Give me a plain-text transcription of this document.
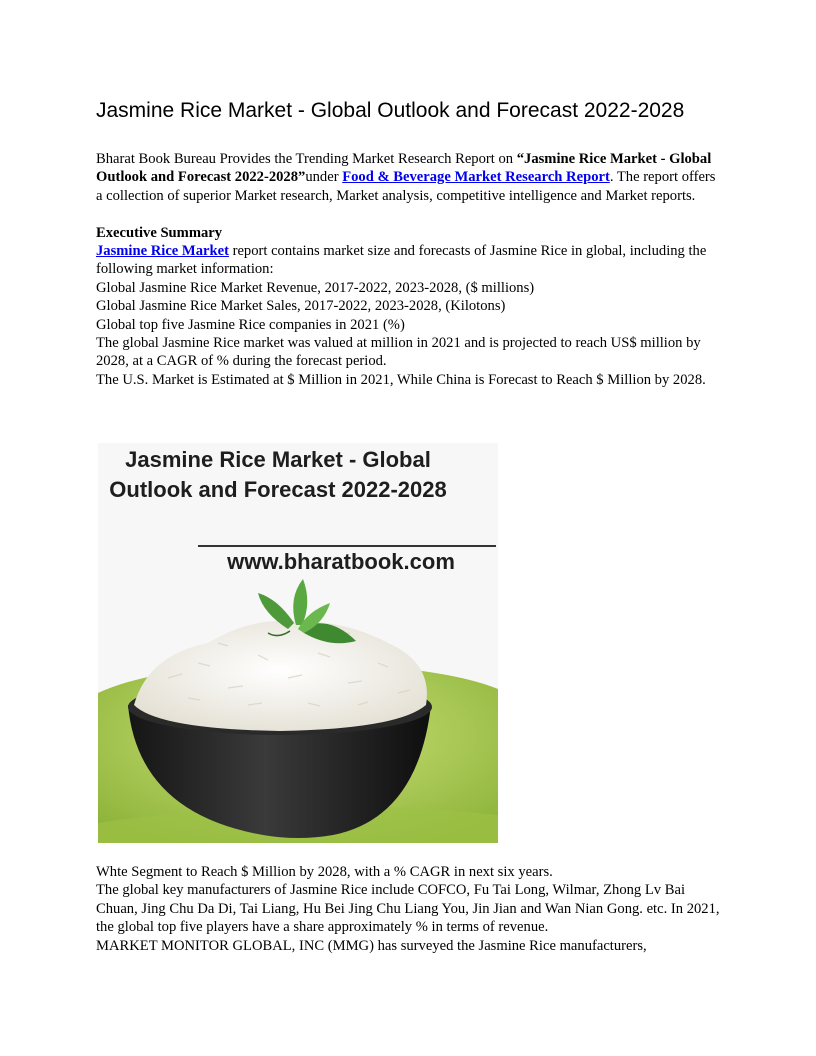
Jasmine Rice Market - Global Outlook and Forecast 2022-2028

Bharat Book Bureau Provides the Trending Market Research Report on “Jasmine Rice Market - Global Outlook and Forecast 2022-2028”under Food & Beverage Market Research Report. The report offers a collection of superior Market research, Market analysis, competitive intelligence and Market reports.

Executive Summary

Jasmine Rice Market report contains market size and forecasts of Jasmine Rice in global, including the following market information:

Global Jasmine Rice Market Revenue, 2017-2022, 2023-2028, ($ millions)

Global Jasmine Rice Market Sales, 2017-2022, 2023-2028, (Kilotons)

Global top five Jasmine Rice companies in 2021 (%)

The global Jasmine Rice market was valued at million in 2021 and is projected to reach US$ million by 2028, at a CAGR of % during the forecast period.

The U.S. Market is Estimated at $ Million in 2021, While China is Forecast to Reach $ Million by 2028.

Jasmine Rice Market - Global Outlook and Forecast 2022-2028
www.bharatbook.com

Whte Segment to Reach $ Million by 2028, with a % CAGR in next six years.

The global key manufacturers of Jasmine Rice include COFCO, Fu Tai Long, Wilmar, Zhong Lv Bai Chuan, Jing Chu Da Di, Tai Liang, Hu Bei Jing Chu Liang You, Jin Jian and Wan Nian Gong. etc. In 2021, the global top five players have a share approximately % in terms of revenue.

MARKET MONITOR GLOBAL, INC (MMG) has surveyed the Jasmine Rice manufacturers,
